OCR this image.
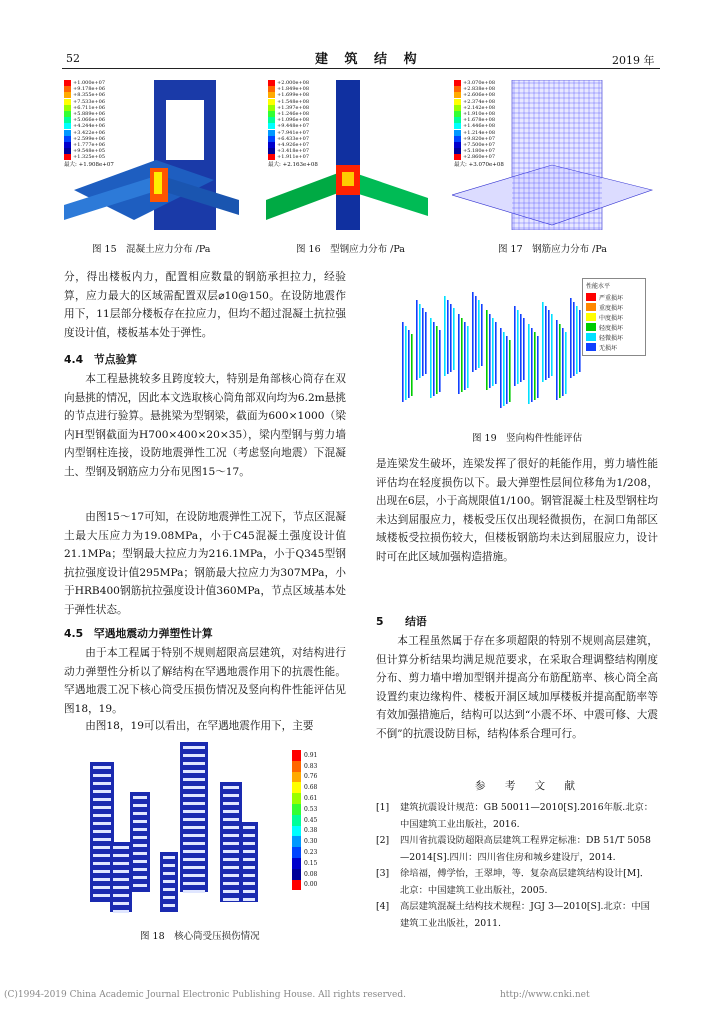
52	建 筑 结 构	2019 年
+1.000e+07
+9.178e+06
+8.355e+06
+7.533e+06
+6.711e+06
+5.889e+06
+5.066e+06
+4.244e+06
+3.422e+06
+2.599e+06
+1.777e+06
+9.548e+05
+1.325e+05
最大: +1.908e+07
图 15　混凝土应力分布 /Pa
+2.000e+08
+1.849e+08
+1.699e+08
+1.548e+08
+1.397e+08
+1.246e+08
+1.096e+08
+9.448e+07
+7.941e+07
+6.433e+07
+4.926e+07
+3.418e+07
+1.911e+07
最大: +2.163e+08
图 16　型钢应力分布 /Pa
+3.070e+08
+2.838e+08
+2.606e+08
+2.374e+08
+2.142e+08
+1.910e+08
+1.678e+08
+1.446e+08
+1.214e+08
+9.820e+07
+7.500e+07
+5.180e+07
+2.860e+07
最大: +3.070e+08
图 17　钢筋应力分布 /Pa
分，得出楼板内力，配置相应数量的钢筋承担拉力，经验算，应力最大的区域需配置双层⌀10@150。在设防地震作用下，11层部分楼板存在拉应力，但均不超过混凝土抗拉强度设计值，楼板基本处于弹性。
4.4　节点验算
本工程悬挑较多且跨度较大，特别是角部核心筒存在双向悬挑的情况，因此本文选取核心筒角部双向均为6.2m悬挑的节点进行验算。悬挑梁为型钢梁，截面为600×1000（梁内H型钢截面为H700×400×20×35），梁内型钢与剪力墙内型钢柱连接，设防地震弹性工况（考虑竖向地震）下混凝土、型钢及钢筋应力分布见图15～17。
由图15～17可知，在设防地震弹性工况下，节点区混凝土最大压应力为19.08MPa，小于C45混凝土强度设计值21.1MPa；型钢最大拉应力为216.1MPa，小于Q345型钢抗拉强度设计值295MPa；钢筋最大拉应力为307MPa，小于HRB400钢筋抗拉强度设计值360MPa，节点区域基本处于弹性状态。
4.5　罕遇地震动力弹塑性计算
由于本工程属于特别不规则超限高层建筑，对结构进行动力弹塑性分析以了解结构在罕遇地震作用下的抗震性能。罕遇地震工况下核心筒受压损伤情况及竖向构件性能评估见图18，19。
由图18，19可以看出，在罕遇地震作用下，主要
0.91
0.83
0.76
0.68
0.61
0.53
0.45
0.38
0.30
0.23
0.15
0.08
0.00
图 18　核心筒受压损伤情况
性能水平
严重损坏
重度损坏
中度损坏
轻度损坏
轻微损坏
无损坏
图 19　竖向构件性能评估
是连梁发生破坏，连梁发挥了很好的耗能作用，剪力墙性能评估均在轻度损伤以下。最大弹塑性层间位移角为1/208，出现在6层，小于高规限值1/100。钢管混凝土柱及型钢柱均未达到屈服应力，楼板受压仅出现轻微损伤，在洞口角部区域楼板受拉损伤较大，但楼板钢筋均未达到屈服应力，设计时可在此区域加强构造措施。
5　　结语
本工程虽然属于存在多项超限的特别不规则高层建筑，但计算分析结果均满足规范要求，在采取合理调整结构刚度分布、剪力墙中增加型钢并提高分布筋配筋率、核心筒全高设置约束边缘构件、楼板开洞区域加厚楼板并提高配筋率等有效加强措施后，结构可以达到“小震不坏、中震可修、大震不倒”的抗震设防目标，结构体系合理可行。
参 考 文 献
[1]	建筑抗震设计规范：GB 50011—2010[S].2016年版.北京：中国建筑工业出版社，2016.
[2]	四川省抗震设防超限高层建筑工程界定标准：DB 51/T 5058—2014[S].四川：四川省住房和城乡建设厅，2014.
[3]	徐培福，傅学怡，王翠坤，等．复杂高层建筑结构设计[M]．北京：中国建筑工业出版社，2005.
[4]	高层建筑混凝土结构技术规程：JGJ 3—2010[S].北京：中国建筑工业出版社，2011.
(C)1994-2019 China Academic Journal Electronic Publishing House. All rights reserved.	http://www.cnki.net
